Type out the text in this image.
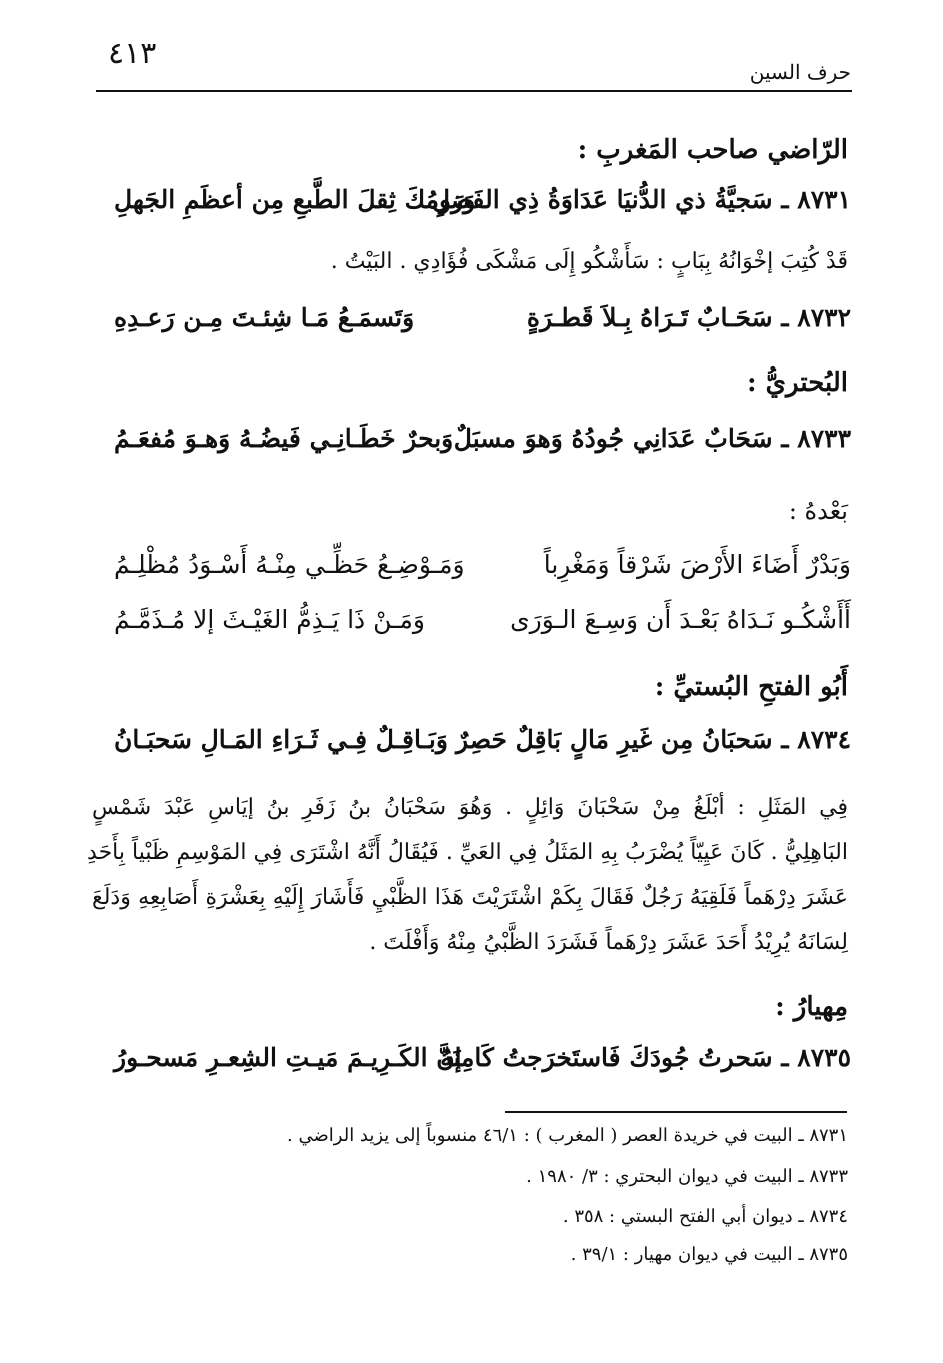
٤١٣
حرف السين
الرّاضي صاحب المَغربِ :
٨٧٣١ ـ سَجيَّةُ ذي الدُّنيَا عَدَاوَةُ ذِي الفَضلِ
وَرَومُكَ ثِقلَ الطَّبعِ مِن أعظَمِ الجَهلِ
قَدْ كُتِبَ إخْوَانُهُ بِبَابٍ : سَأَشْكُو إِلَى مَشْكَى فُؤَادِي . البَيْتُ .
٨٧٣٢ ـ سَحَـابٌ تَـرَاهُ بِـلاَ قَطـرَةٍ
وَتَسمَـعُ مَـا شِئـتَ مِـن رَعـدِهِ
البُحتريُّ :
٨٧٣٣ ـ سَحَابٌ عَدَانِي جُودُهُ وَهوَ مسبَلٌ
وَبحرٌ خَطَـانِـي فَيضُـهُ وَهـوَ مُفعَـمُ
بَعْدهُ :
وَبَدْرٌ أَضَاءَ الأَرْضَ شَرْقاً وَمَغْرِباً
وَمَـوْضِـعُ حَظِّـي مِنْـهُ أَسْـوَدُ مُظْلِـمُ
أَأَشْكُـو نَـدَاهُ بَعْـدَ أَن وَسِـعَ الـوَرَى
وَمَـنْ ذَا يَـذِمُّ الغَيْـثَ إلا مُـذَمَّـمُ
أَبُو الفتحِ البُستيِّ :
٨٧٣٤ ـ سَحبَانُ مِن غَيرِ مَالٍ بَاقِلٌ حَصِرٌ
وَبَـاقِـلٌ فِـي ثَـرَاءِ المَـالِ سَحبَـانُ
فِي المَثَلِ : أبْلَغُ مِنْ سَحْبَانَ وَائِلٍ . وَهُوَ سَحْبَانُ بنُ زَفَرِ بنُ إيَاسِ عَبْدَ شَمْسٍ
البَاهِلِيُّ . كَانَ عَيِيّاً يُضْرَبُ بِهِ المَثَلُ فِي العَيِّ . فَيُقَالُ أَنَّهُ اشْتَرَى فِي المَوْسِمِ ظَبْياً بِأَحَدِ
عَشَرَ دِرْهَماً فَلَقِيَهُ رَجُلٌ فَقَالَ بِكَمْ اشْتَرَيْتَ هَذَا الظَّبْيِ فَأَشَارَ إِلَيْهِ بِعَشْرَةِ أَصَابِعِهِ وَدَلَعَ
لِسَانَهُ يُرِيْدُ أَحَدَ عَشَرَ دِرْهَماً فَشَرَدَ الظَّبْيُ مِنْهُ وَأَفْلَتَ .
مِهيارُ :
٨٧٣٥ ـ سَحرتُ جُودَكَ فَاستَخرَجتُ كَامِنَهُ
إنَّ الكَـرِيـمَ مَيـتِ الشِعـرِ مَسحـورُ
٨٧٣١ ـ البيت في خريدة العصر ( المغرب ) : ٤٦/١ منسوباً إلى يزيد الراضي .
٨٧٣٣ ـ البيت في ديوان البحتري : ٣/ ١٩٨٠ .
٨٧٣٤ ـ ديوان أبي الفتح البستي : ٣٥٨ .
٨٧٣٥ ـ البيت في ديوان مهيار : ٣٩/١ .
